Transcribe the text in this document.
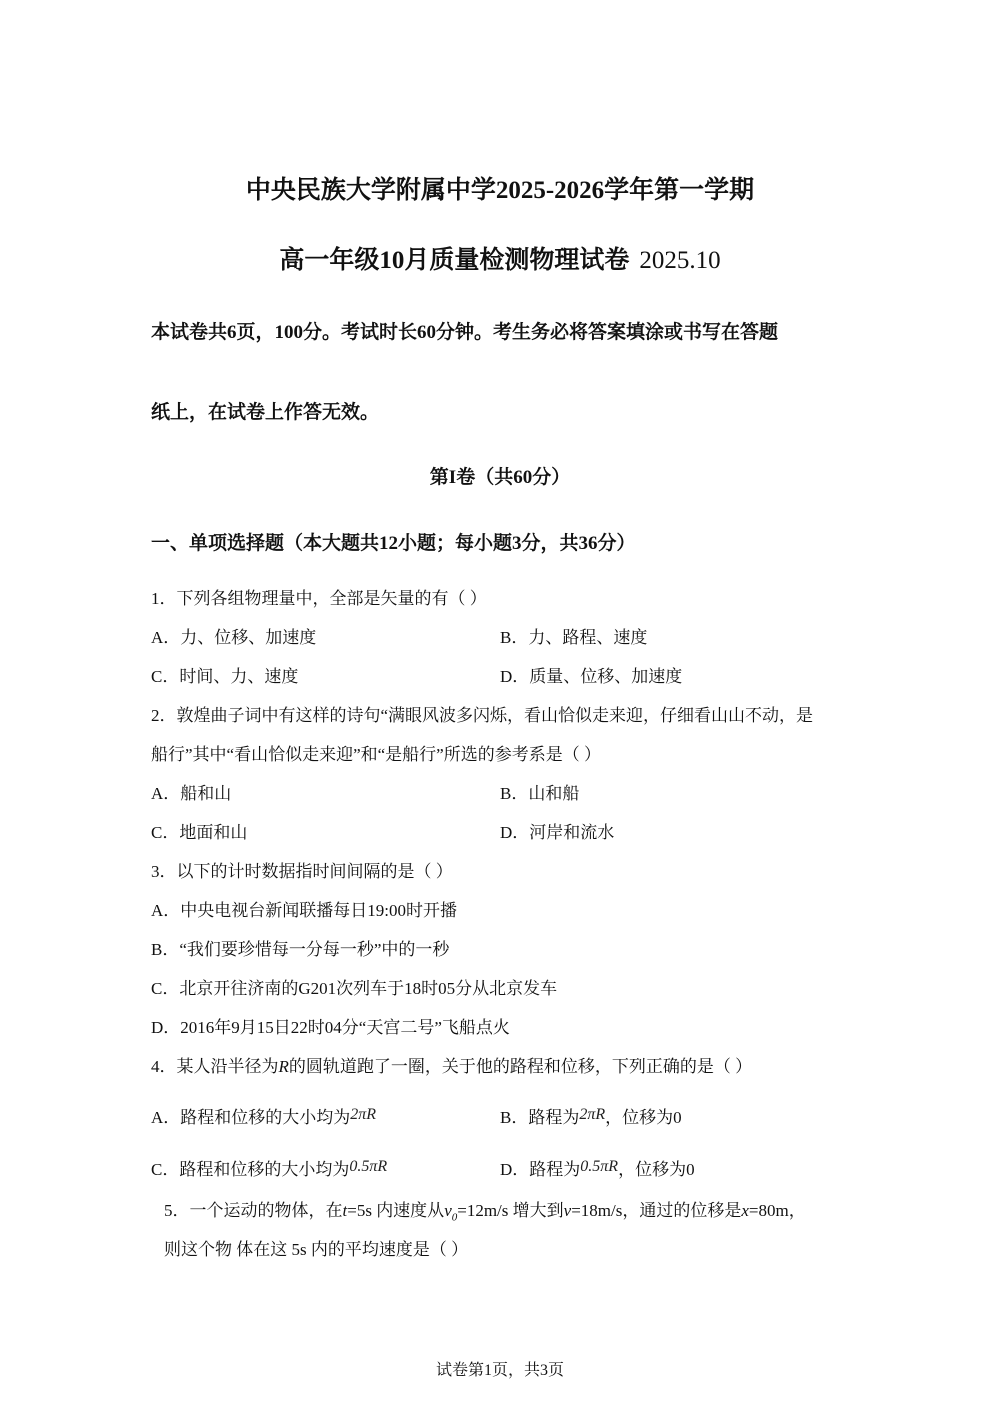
中央民族大学附属中学2025-2026学年第一学期
高一年级10月质量检测物理试卷 2025.10
本试卷共6页，100分。考试时长60分钟。考生务必将答案填涂或书写在答题
纸上，在试卷上作答无效。
第I卷（共60分）
一、单项选择题（本大题共12小题；每小题3分，共36分）
1．下列各组物理量中，全部是矢量的有（ ）
A．力、位移、加速度	B．力、路程、速度
C．时间、力、速度	D．质量、位移、加速度
2．敦煌曲子词中有这样的诗句“满眼风波多闪烁，看山恰似走来迎，仔细看山山不动，是
船行”其中“看山恰似走来迎”和“是船行”所选的参考系是（ ）
A．船和山	B．山和船
C．地面和山	D．河岸和流水
3．以下的计时数据指时间间隔的是（ ）
A．中央电视台新闻联播每日19:00时开播
B．“我们要珍惜每一分每一秒”中的一秒
C．北京开往济南的G201次列车于18时05分从北京发车
D．2016年9月15日22时04分“天宫二号”飞船点火
4．某人沿半径为R的圆轨道跑了一圈，关于他的路程和位移，下列正确的是（ ）
A．路程和位移的大小均为2πR	B．路程为2πR，位移为0
C．路程和位移的大小均为0.5πR	D．路程为0.5πR，位移为0
5．一个运动的物体，在t=5s 内速度从$v_0=12m/s$ 增大到v=18m/s，通过的位移是x=80m，
则这个物 体在这 5s 内的平均速度是（ ）
试卷第1页，共3页
